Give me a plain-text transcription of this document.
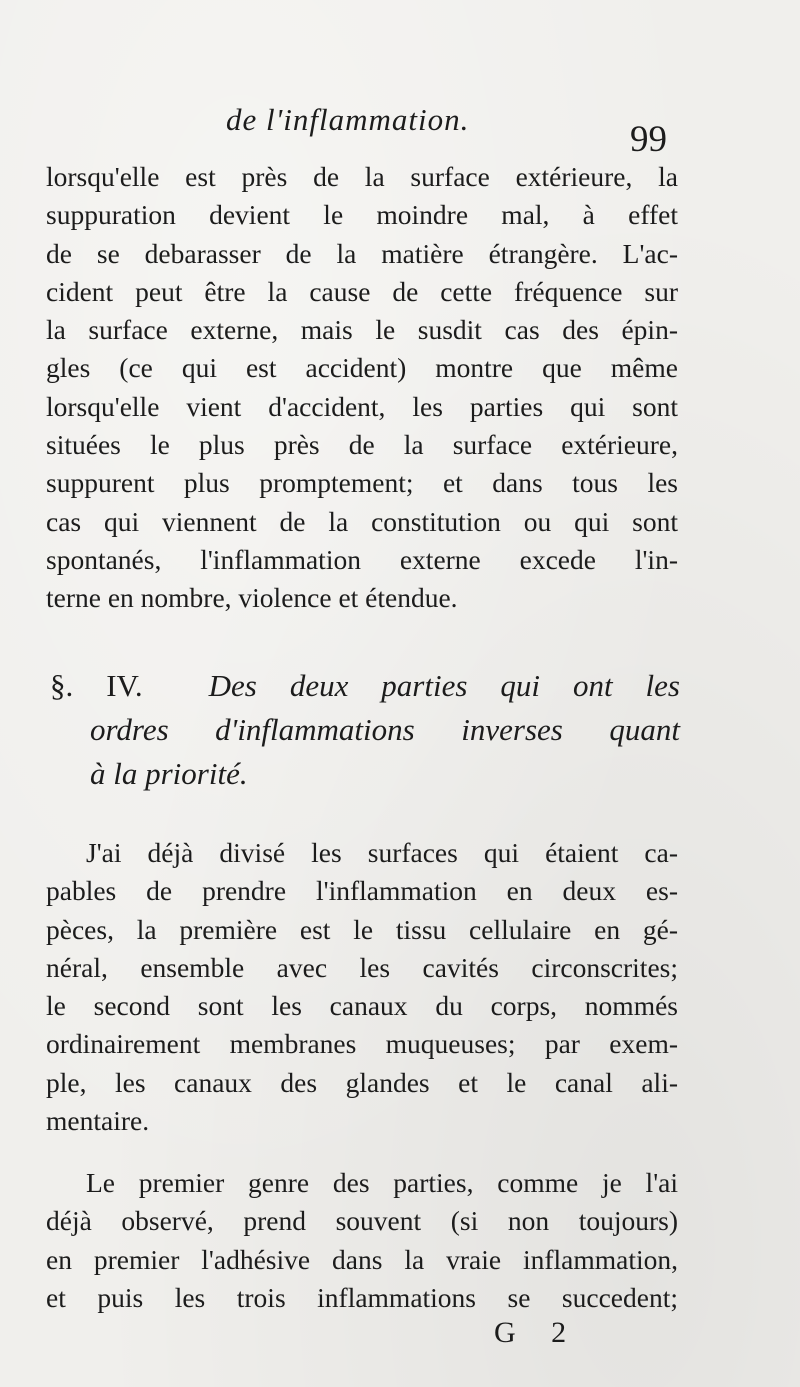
de l'inflammation.	99
lorsqu'elle est près de la surface extérieure, la
suppuration devient le moindre mal, à effet
de se debarasser de la matière étrangère. L'ac-
cident peut être la cause de cette fréquence sur
la surface externe, mais le susdit cas des épin-
gles (ce qui est accident) montre que même
lorsqu'elle vient d'accident, les parties qui sont
situées le plus près de la surface extérieure,
suppurent plus promptement; et dans tous les
cas qui viennent de la constitution ou qui sont
spontanés, l'inflammation externe excede l'in-
terne en nombre, violence et étendue.
§. IV. Des deux parties qui ont les
ordres d'inflammations inverses quant
à la priorité.
J'ai déjà divisé les surfaces qui étaient ca-
pables de prendre l'inflammation en deux es-
pèces, la première est le tissu cellulaire en gé-
néral, ensemble avec les cavités circonscrites;
le second sont les canaux du corps, nommés
ordinairement membranes muqueuses; par exem-
ple, les canaux des glandes et le canal ali-
mentaire.
Le premier genre des parties, comme je l'ai
déjà observé, prend souvent (si non toujours)
en premier l'adhésive dans la vraie inflammation,
et puis les trois inflammations se succedent;
G 2
